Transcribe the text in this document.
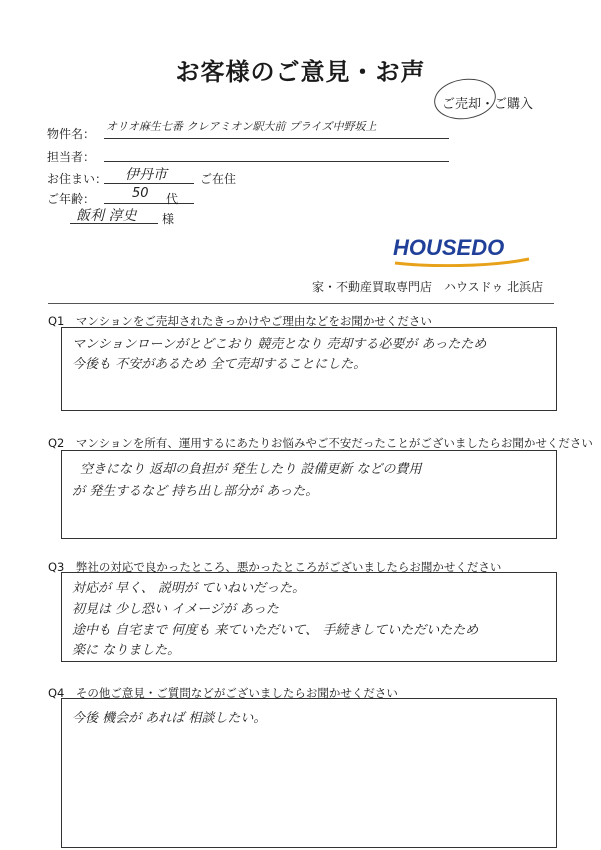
お客様のご意見・お声
ご売却・ご購入
物件名：
オリオ麻生七番 クレアミオン駅大前 プライズ中野坂上
担当者：
お住まい： 伊丹市	ご在住
ご年齢：	50 代
飯利 淳史 様
HOUSEDO
家・不動産買取専門店　ハウスドゥ 北浜店
Q1　マンションをご売却されたきっかけやご理由などをお聞かせください
マンションローンがとどこおり 競売となり 売却する必要が あったため
今後も 不安があるため 全て売却することにした。
Q2　マンションを所有、運用するにあたりお悩みやご不安だったことがございましたらお聞かせください
空きになり 返却の負担が 発生したり 設備更新 などの費用
が 発生するなど 持ち出し部分が あった。
Q3　弊社の対応で良かったところ、悪かったところがございましたらお聞かせください
対応が 早く、 説明が ていねいだった。
初見は 少し恐い イメージが あった
途中も 自宅まで 何度も 来ていただいて、 手続きしていただいたため
楽に なりました。
Q4　その他ご意見・ご質問などがございましたらお聞かせください
今後 機会が あれば 相談したい。
